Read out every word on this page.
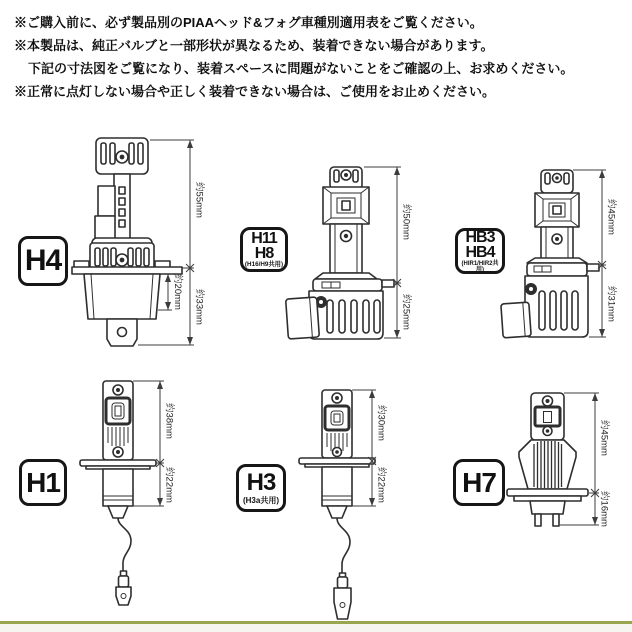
※ご購入前に、必ず製品別のPIAAヘッド&フォグ車種別適用表をご覧ください。
※本製品は、純正バルブと一部形状が異なるため、装着できない場合があります。
下記の寸法図をご覧になり、装着スペースに問題がないことをご確認の上、お求めください。
※正常に点灯しない場合や正しく装着できない場合は、ご使用をお止めください。
H4
約55mm
約33mm
約20mm
H11
H8
(H16/H9共用)
約50mm
約25mm
HB3
HB4
(HIR1/HIR2共用)
約45mm
約31mm
H1
約38mm
約22mm	H3
(H3a共用)
約30mm
約22mm	H7
約45mm
約16mm
